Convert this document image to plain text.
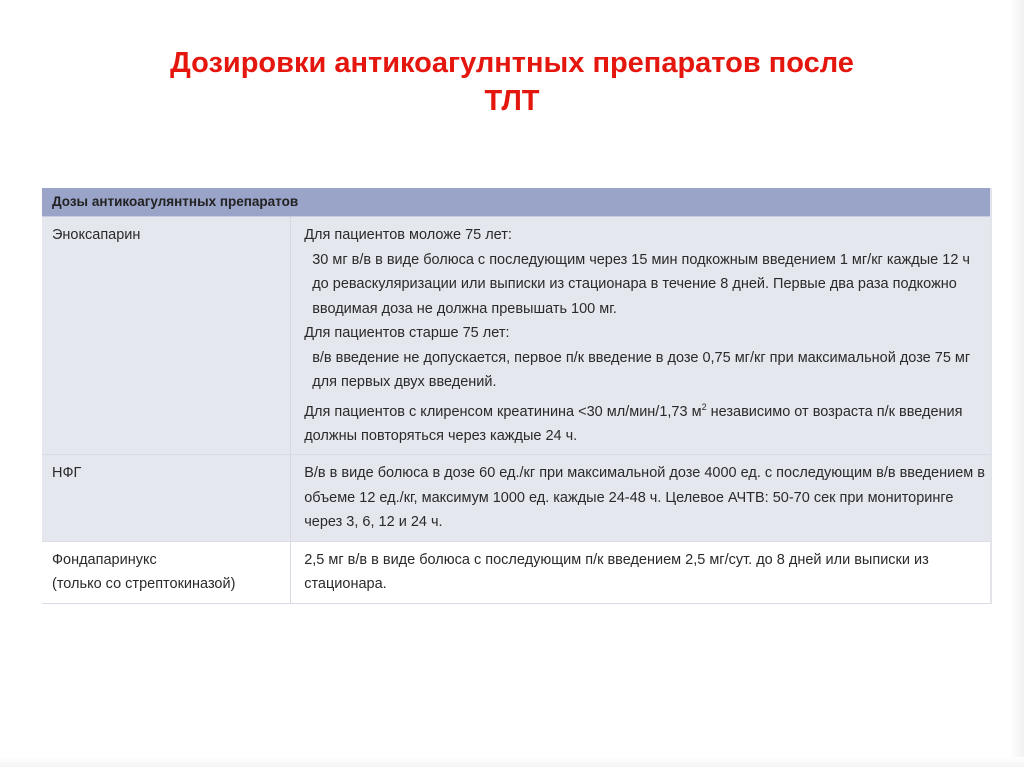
Дозировки антикоагулнтных препаратов после
ТЛТ
Дозы антикоагулянтных препаратов
Эноксапарин	Для пациентов моложе 75 лет:
30 мг в/в в виде болюса с последующим через 15 мин подкожным введением 1 мг/кг каждые 12 ч до реваскуляризации или выписки из стационара в течение 8 дней. Первые два раза подкожно вводимая доза не должна превышать 100 мг.
Для пациентов старше 75 лет:
в/в введение не допускается, первое п/к введение в дозе 0,75 мг/кг при максимальной дозе 75 мг для первых двух введений.
Для пациентов с клиренсом креатинина <30 мл/мин/1,73 $м^2$ независимо от возраста п/к введения должны повторяться через каждые 24 ч.
НФГ	В/в в виде болюса в дозе 60 ед./кг при максимальной дозе 4000 ед. с последующим в/в введением в объеме 12 ед./кг, максимум 1000 ед. каждые 24-48 ч. Целевое АЧТВ: 50-70 сек при мониторинге через 3, 6, 12 и 24 ч.
Фондапаринукс
(только со стрептокиназой)
2,5 мг в/в в виде болюса с последующим п/к введением 2,5 мг/сут. до 8 дней или выписки из стационара.
